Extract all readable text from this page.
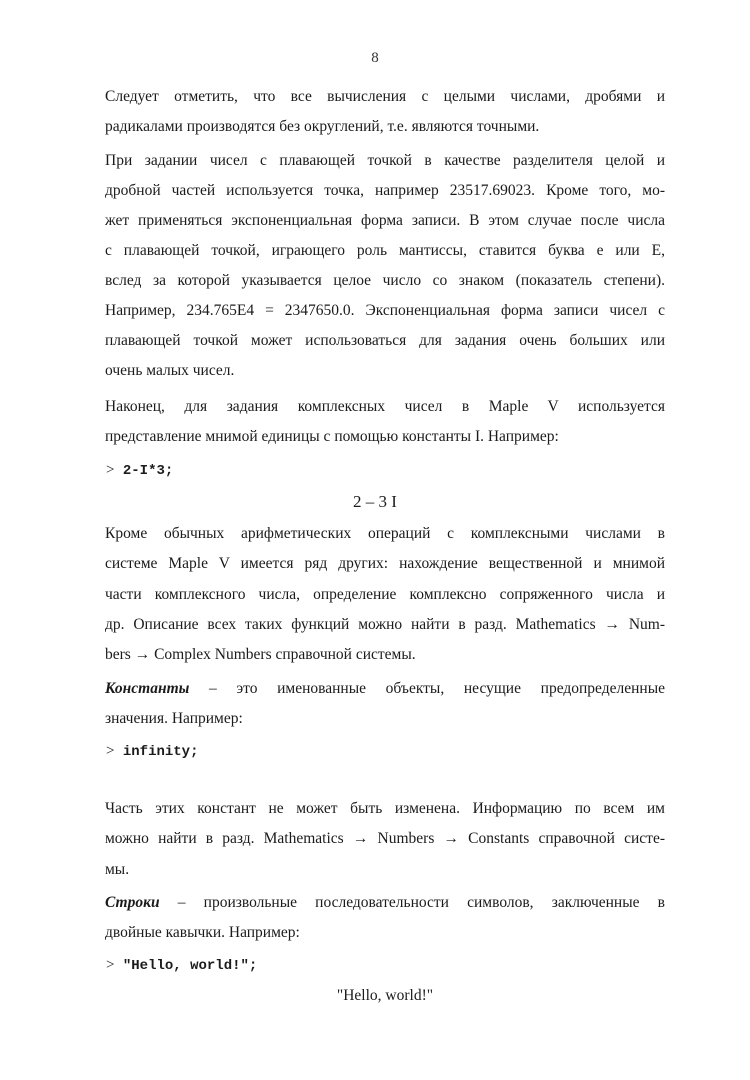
8
Следует отметить, что все вычисления с целыми числами, дробями и
радикалами производятся без округлений, т.е. являются точными.
При задании чисел с плавающей точкой в качестве разделителя целой и
дробной частей используется точка, например 23517.69023. Кроме того, мо-
жет применяться экспоненциальная форма записи. В этом случае после числа
с плавающей точкой, играющего роль мантиссы, ставится буква e или E,
вслед за которой указывается целое число со знаком (показатель степени).
Например, 234.765E4 = 2347650.0. Экспоненциальная форма записи чисел с
плавающей точкой может использоваться для задания очень больших или
очень малых чисел.
Наконец, для задания комплексных чисел в Maple V используется
представление мнимой единицы с помощью константы I. Например:
> 2-I*3;
2 – 3 I
Кроме обычных арифметических операций с комплексными числами в
системе Maple V имеется ряд других: нахождение вещественной и мнимой
части комплексного числа, определение комплексно сопряженного числа и
др. Описание всех таких функций можно найти в разд. Mathematics → Num-
bers → Complex Numbers справочной системы.
Константы – это именованные объекты, несущие предопределенные
значения. Например:
> infinity;
Часть этих констант не может быть изменена. Информацию по всем им
можно найти в разд. Mathematics → Numbers → Constants справочной систе-
мы.
Строки – произвольные последовательности символов, заключенные в
двойные кавычки. Например:
> "Hello, world!";
"Hello, world!"
